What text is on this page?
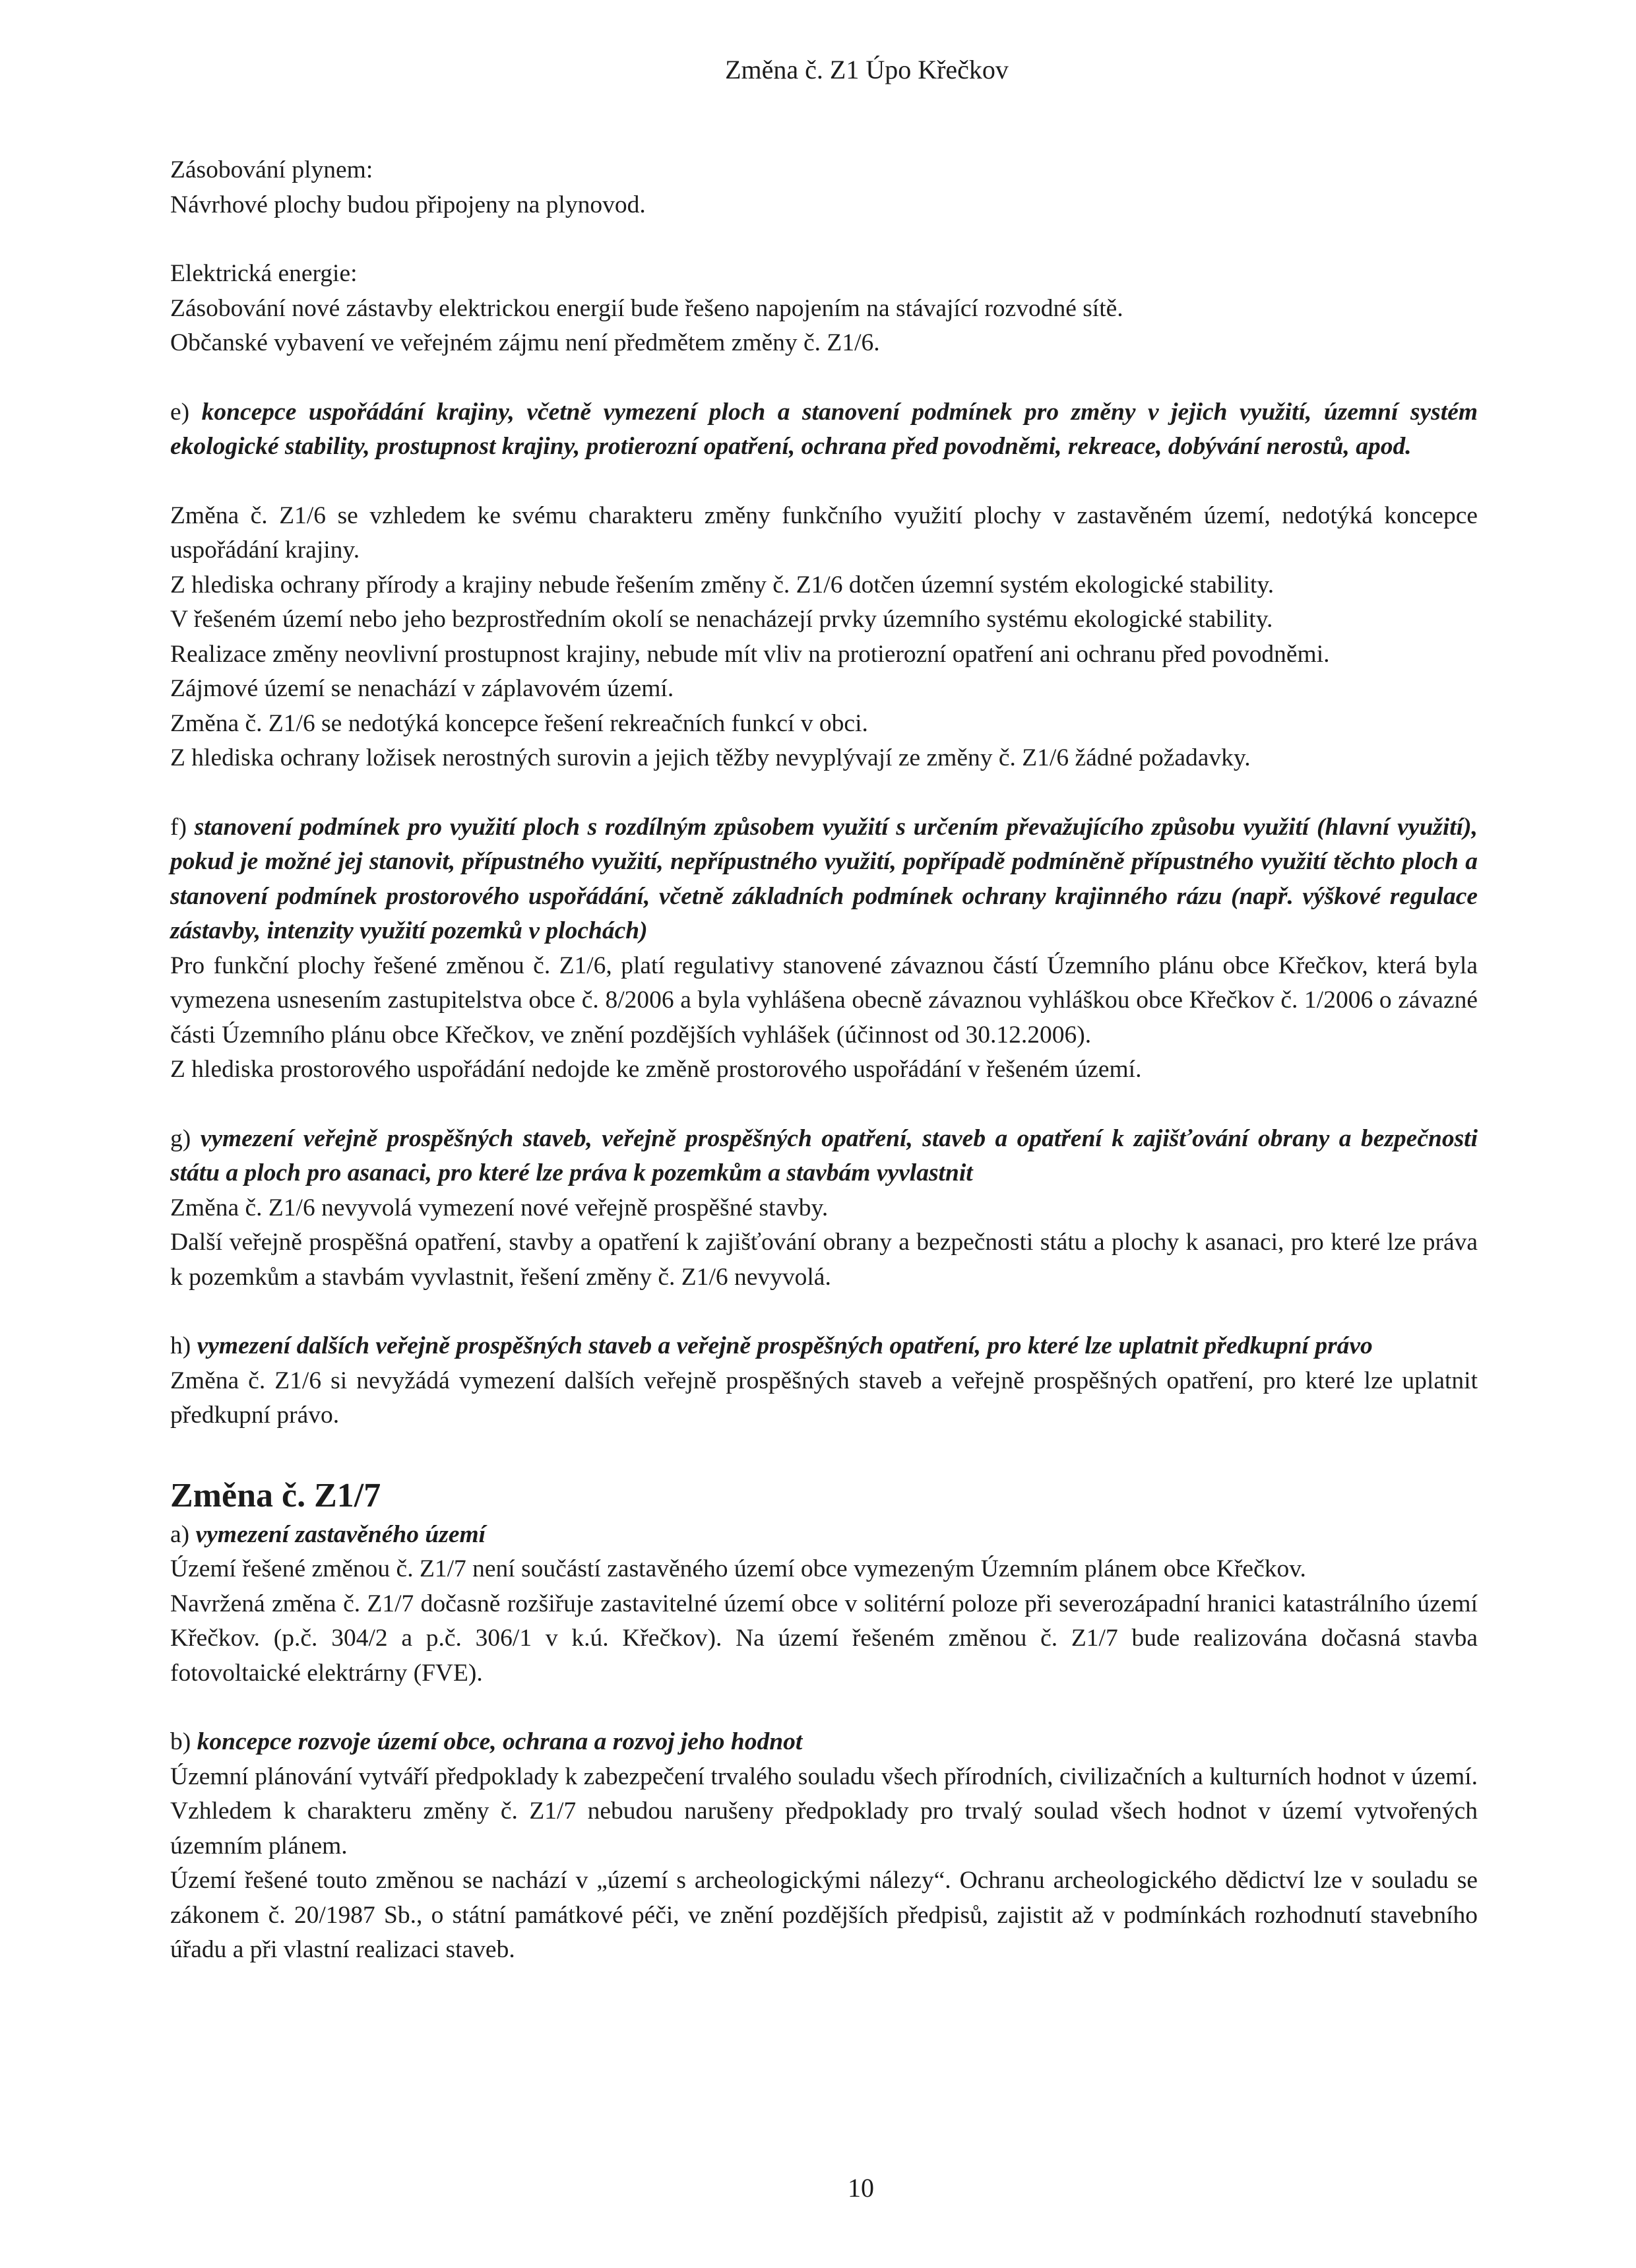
Změna č. Z1 Úpo Křečkov

Zásobování plynem:

Návrhové plochy budou připojeny na plynovod.

Elektrická energie:

Zásobování nové zástavby elektrickou energií bude řešeno napojením na stávající rozvodné sítě.

Občanské vybavení ve veřejném zájmu není předmětem změny č. Z1/6.

e) koncepce uspořádání krajiny, včetně vymezení ploch a stanovení podmínek pro změny v jejich využití, územní systém ekologické stability, prostupnost krajiny, protierozní opatření, ochrana před povodněmi, rekreace, dobývání nerostů, apod.

Změna č. Z1/6 se vzhledem ke svému charakteru změny funkčního využití plochy v zastavěném území, nedotýká koncepce uspořádání krajiny.

Z hlediska ochrany přírody a krajiny nebude řešením změny č. Z1/6 dotčen územní systém ekologické stability.

V řešeném území nebo jeho bezprostředním okolí se nenacházejí prvky územního systému ekologické stability.

Realizace změny neovlivní prostupnost krajiny, nebude mít vliv na protierozní opatření ani ochranu před povodněmi.

Zájmové území se nenachází v záplavovém území.

Změna č. Z1/6 se nedotýká koncepce řešení rekreačních funkcí v obci.

Z hlediska ochrany ložisek nerostných surovin a jejich těžby nevyplývají ze změny č. Z1/6 žádné požadavky.

f) stanovení podmínek pro využití ploch s rozdílným způsobem využití s určením převažujícího způsobu využití (hlavní využití), pokud je možné jej stanovit, přípustného využití, nepřípustného využití, popřípadě podmíněně přípustného využití těchto ploch a stanovení podmínek prostorového uspořádání, včetně základních podmínek ochrany krajinného rázu (např. výškové regulace zástavby, intenzity využití pozemků v plochách)

Pro funkční plochy řešené změnou č. Z1/6, platí regulativy stanovené závaznou částí Územního plánu obce Křečkov, která byla vymezena usnesením zastupitelstva obce č. 8/2006 a byla vyhlášena obecně závaznou vyhláškou obce Křečkov č. 1/2006 o závazné části Územního plánu obce Křečkov, ve znění pozdějších vyhlášek (účinnost od 30.12.2006).

Z hlediska prostorového uspořádání nedojde ke změně prostorového uspořádání v řešeném území.

g) vymezení veřejně prospěšných staveb, veřejně prospěšných opatření, staveb a opatření k zajišťování obrany a bezpečnosti státu a ploch pro asanaci, pro které lze práva k pozemkům a stavbám vyvlastnit

Změna č. Z1/6 nevyvolá vymezení nové veřejně prospěšné stavby.

Další veřejně prospěšná opatření, stavby a opatření k zajišťování obrany a bezpečnosti státu a plochy k asanaci, pro které lze práva k pozemkům a stavbám vyvlastnit, řešení změny č. Z1/6 nevyvolá.

h) vymezení dalších veřejně prospěšných staveb a veřejně prospěšných opatření, pro které lze uplatnit předkupní právo

Změna č. Z1/6 si nevyžádá vymezení dalších veřejně prospěšných staveb a veřejně prospěšných opatření, pro které lze uplatnit předkupní právo.

Změna č. Z1/7

a) vymezení zastavěného území

Území řešené změnou č. Z1/7 není součástí zastavěného území obce vymezeným Územním plánem obce Křečkov.

Navržená změna č. Z1/7 dočasně rozšiřuje zastavitelné území obce v solitérní poloze při severozápadní hranici katastrálního území Křečkov. (p.č. 304/2 a p.č. 306/1 v k.ú. Křečkov). Na území řešeném změnou č. Z1/7 bude realizována dočasná stavba fotovoltaické elektrárny (FVE).

b) koncepce rozvoje území obce, ochrana a rozvoj jeho hodnot

Územní plánování vytváří předpoklady k zabezpečení trvalého souladu všech přírodních, civilizačních a kulturních hodnot v území. Vzhledem k charakteru změny č. Z1/7 nebudou narušeny předpoklady pro trvalý soulad všech hodnot v území vytvořených územním plánem.

Území řešené touto změnou se nachází v „území s archeologickými nálezy“. Ochranu archeologického dědictví lze v souladu se zákonem č. 20/1987 Sb., o státní památkové péči, ve znění pozdějších předpisů, zajistit až v podmínkách rozhodnutí stavebního úřadu a při vlastní realizaci staveb.

10
